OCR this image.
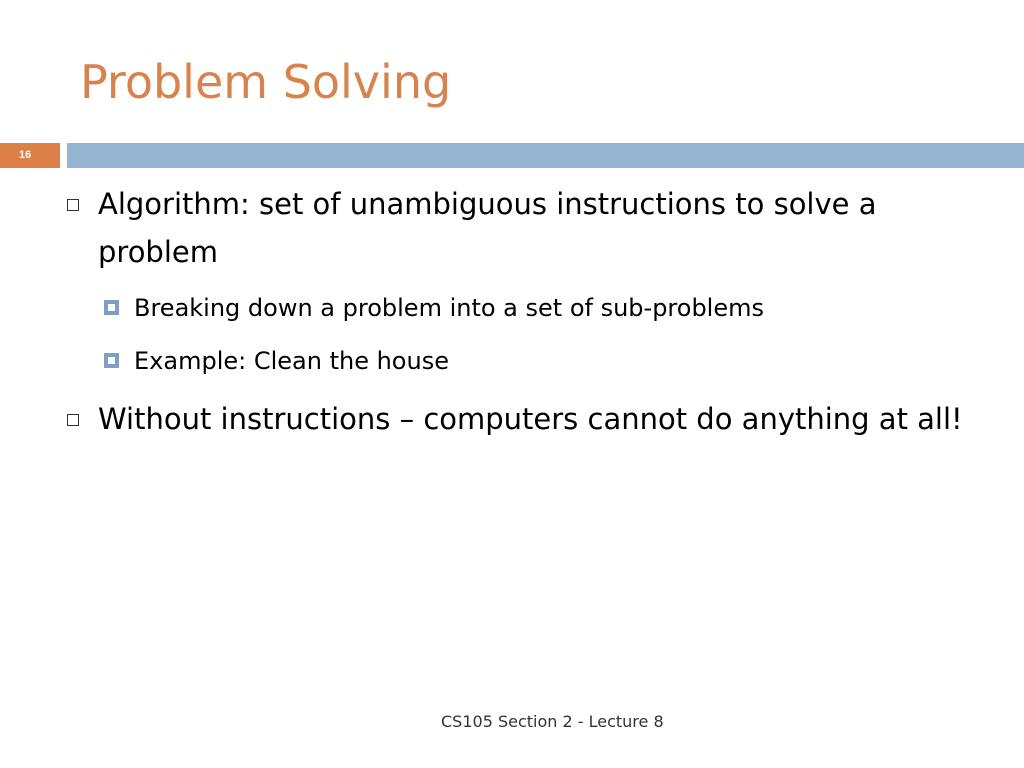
Problem Solving
16
Algorithm: set of unambiguous instructions to solve a problem
Breaking down a problem into a set of sub-problems
Example: Clean the house
Without instructions – computers cannot do anything at all!
CS105 Section 2 - Lecture 8
